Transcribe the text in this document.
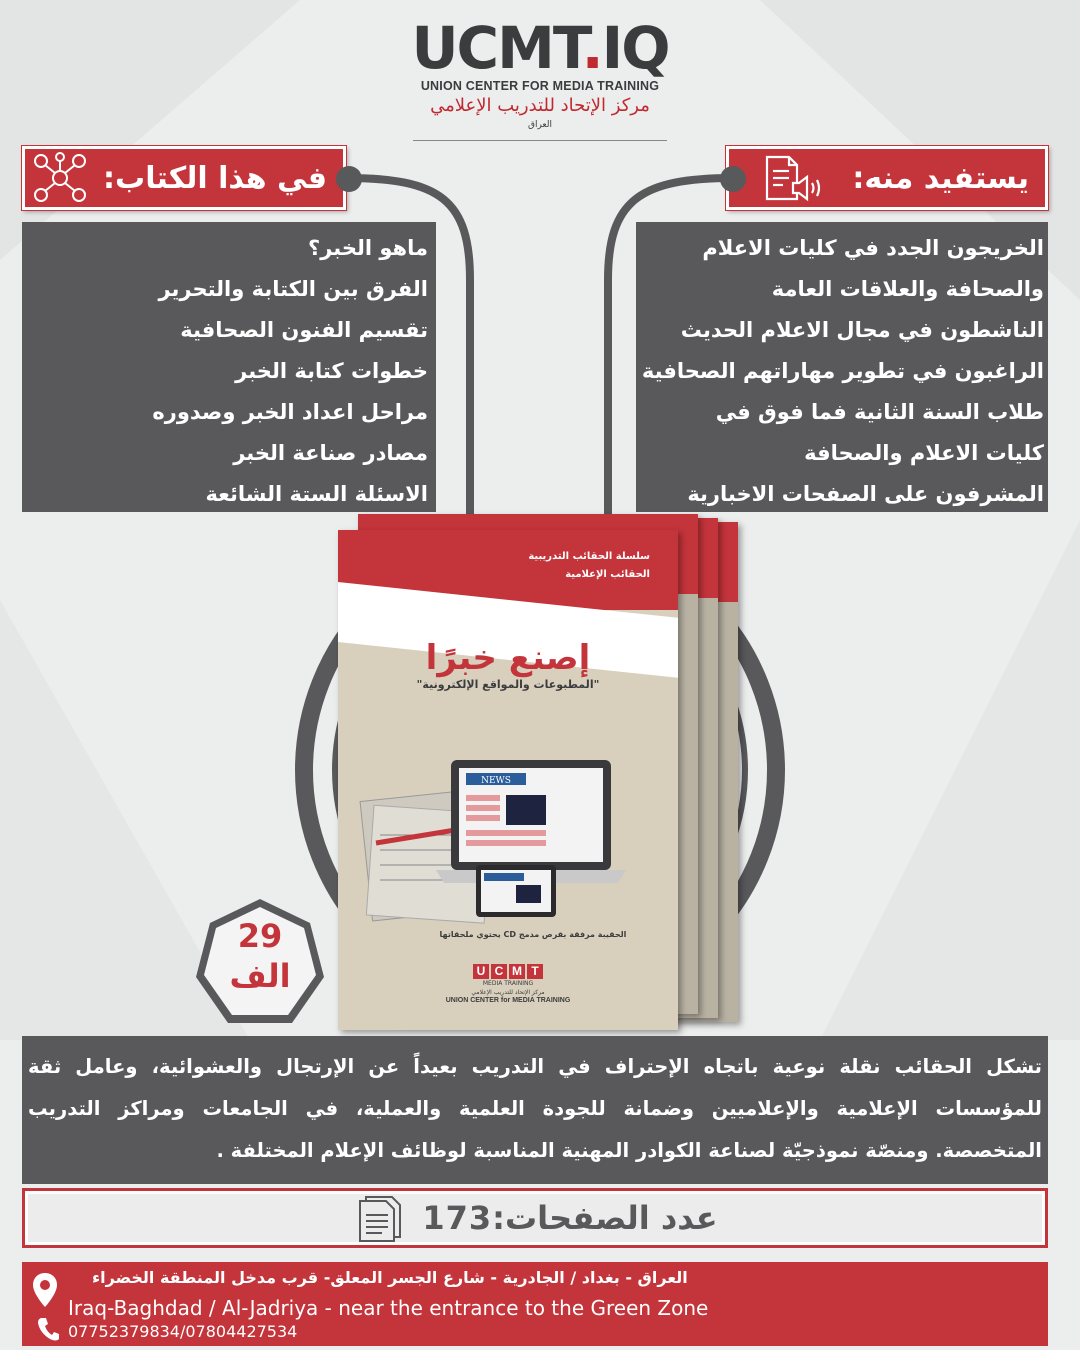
UCMT.IQ
UNION CENTER FOR MEDIA TRAINING
مركز الإتحاد للتدريب الإعلامي
العراق
في هذا الكتاب:	يستفيد منه:
ماهو الخبر؟
الفرق بين الكتابة والتحرير
تقسيم الفنون الصحافية
خطوات كتابة الخبر
مراحل اعداد الخبر وصدوره
مصادر صناعة الخبر
الاسئلة الستة الشائعة
الخريجون الجدد في كليات الاعلام
والصحافة والعلاقات العامة
الناشطون في مجال الاعلام الحديث
الراغبون في تطوير مهاراتهم الصحافية
طلاب السنة الثانية فما فوق في
كليات الاعلام والصحافة
المشرفون على الصفحات الاخبارية
سلسلة الحقائب التدريبية
الحقائب الإعلامية
إصنع خبرًا
"المطبوعات والمواقع الإلكترونية"
NEWS
الحقيبة مرفقة بقرص مدمج CD يحتوي ملحقاتها
U C M T
MEDIA TRAINING
مركز الإتحاد للتدريب الإعلامي
UNION CENTER for MEDIA TRAINING
29
الف
تشكل الحقائب نقلة نوعية باتجاه الإحتراف في التدريب بعيداً عن الإرتجال والعشوائية، وعامل ثقة للمؤسسات الإعلامية والإعلاميين وضمانة للجودة العلمية والعملية، في الجامعات ومراكز التدريب المتخصصة. ومنصّة نموذجيّة لصناعة الكوادر المهنية المناسبة لوظائف الإعلام المختلفة .
عدد الصفحات:
173
العراق - بغداد / الجادرية - شارع الجسر المعلق- قرب مدخل المنطقة الخضراء
Iraq-Baghdad / Al-Jadriya - near the entrance to the Green Zone
07752379834/07804427534
